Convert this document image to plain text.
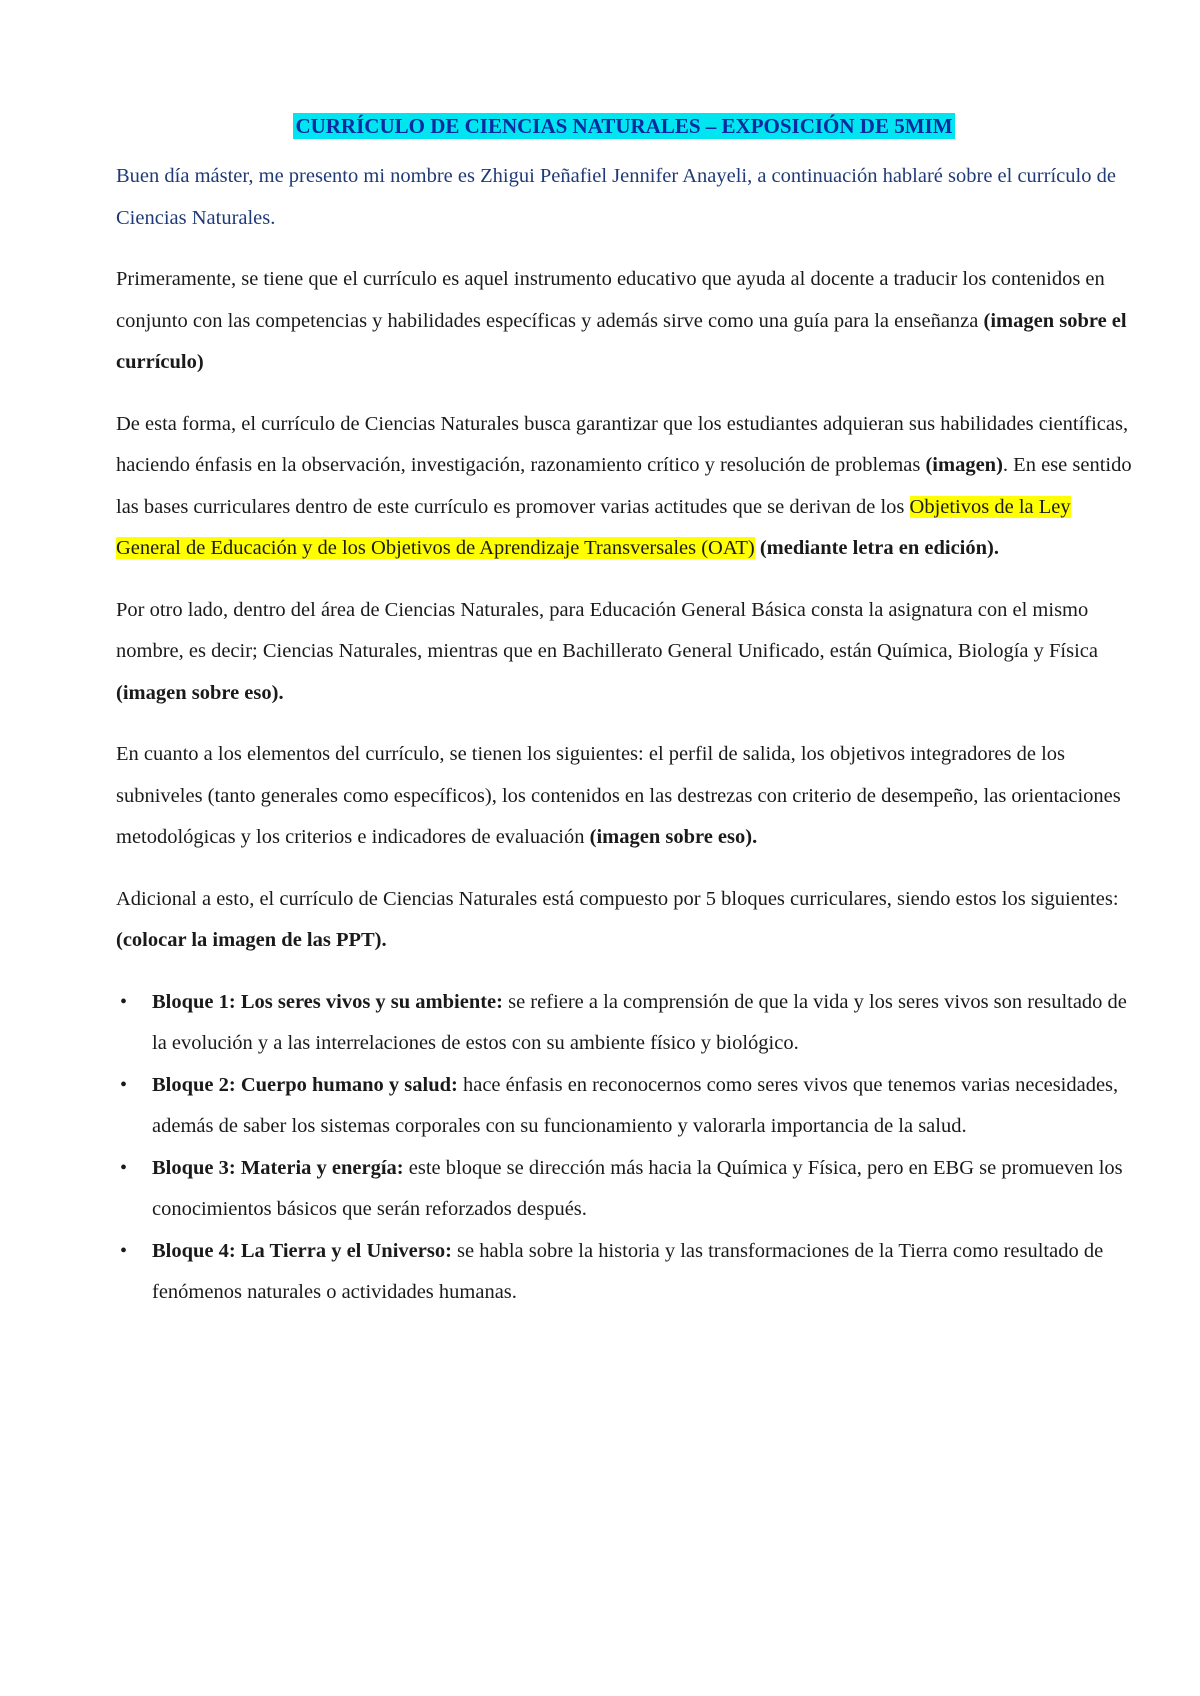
CURRÍCULO DE CIENCIAS NATURALES – EXPOSICIÓN DE 5MIM

Buen día máster, me presento mi nombre es Zhigui Peñafiel Jennifer Anayeli, a continuación hablaré sobre el currículo de Ciencias Naturales.

Primeramente, se tiene que el currículo es aquel instrumento educativo que ayuda al docente a traducir los contenidos en conjunto con las competencias y habilidades específicas y además sirve como una guía para la enseñanza (imagen sobre el currículo)

De esta forma, el currículo de Ciencias Naturales busca garantizar que los estudiantes adquieran sus habilidades científicas, haciendo énfasis en la observación, investigación, razonamiento crítico y resolución de problemas (imagen). En ese sentido las bases curriculares dentro de este currículo es promover varias actitudes que se derivan de los Objetivos de la Ley General de Educación y de los Objetivos de Aprendizaje Transversales (OAT) (mediante letra en edición).

Por otro lado, dentro del área de Ciencias Naturales, para Educación General Básica consta la asignatura con el mismo nombre, es decir; Ciencias Naturales, mientras que en Bachillerato General Unificado, están Química, Biología y Física (imagen sobre eso).

En cuanto a los elementos del currículo, se tienen los siguientes: el perfil de salida, los objetivos integradores de los subniveles (tanto generales como específicos), los contenidos en las destrezas con criterio de desempeño, las orientaciones metodológicas y los criterios e indicadores de evaluación (imagen sobre eso).

Adicional a esto, el currículo de Ciencias Naturales está compuesto por 5 bloques curriculares, siendo estos los siguientes: (colocar la imagen de las PPT).

• Bloque 1: Los seres vivos y su ambiente: se refiere a la comprensión de que la vida y los seres vivos son resultado de la evolución y a las interrelaciones de estos con su ambiente físico y biológico.
• Bloque 2: Cuerpo humano y salud: hace énfasis en reconocernos como seres vivos que tenemos varias necesidades, además de saber los sistemas corporales con su funcionamiento y valorarla importancia de la salud.
• Bloque 3: Materia y energía: este bloque se dirección más hacia la Química y Física, pero en EBG se promueven los conocimientos básicos que serán reforzados después.
• Bloque 4: La Tierra y el Universo: se habla sobre la historia y las transformaciones de la Tierra como resultado de fenómenos naturales o actividades humanas.
